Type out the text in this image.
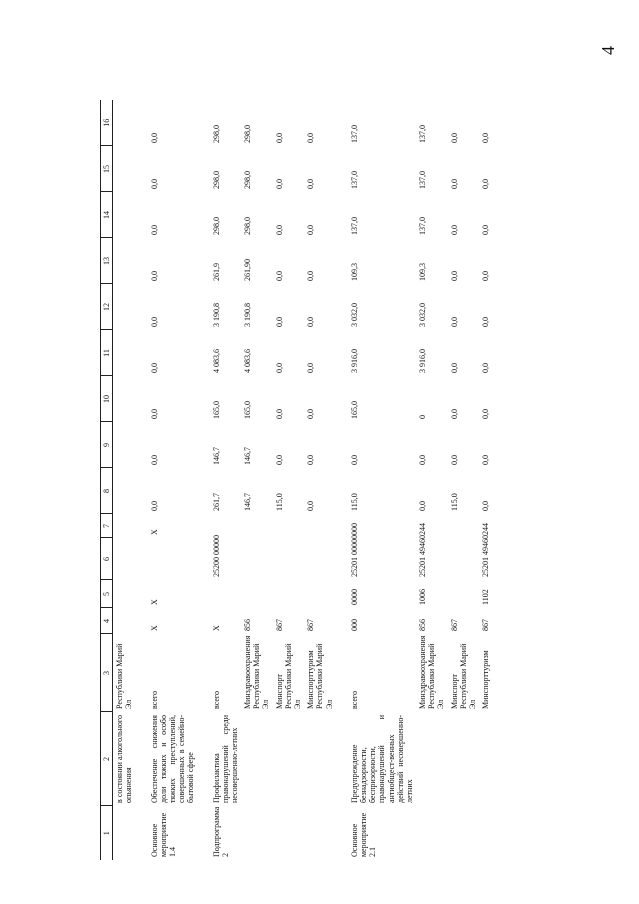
4
1	2	3	4	5	6	7	8	9	10	11	12	13	14	15	16
	в состоянии алкогольного опьянения	Республики Марий Эл													
Основное мероприятие 1.4	Обеспечение снижения доли тяжких и особо тяжких преступлений, совершенных в семейно-бытовой сфере	всего	Х	Х		Х	0,0	0,0	0,0	0,0	0,0	0,0	0,0	0,0	0,0
Подпрограмма 2	Профилактика правонарушений среди несовершенно-летних	всего	Х		25200 00000		261,7	146,7	165,0	4 083,6	3 190,8	261,9	298,0	298,0	298,0
		Минздравоохранения Республики Марий Эл	856				146,7	146,7	165,0	4 083,6	3 190,8	261,90	298,0	298,0	298,0
		Минспорт Республики Марий Эл	867				115,0	0,0	0,0	0,0	0,0	0,0	0,0	0,0	0,0
		Минспорттуризм Республики Марий Эл	867				0,0	0,0	0,0	0,0	0,0	0,0	0,0	0,0	0,0
Основное мероприятие 2.1	Предупреждение безнадзорности, беспризорности, правонарушений и антиобщест-венных действий несовершенно-летних	всего	000	0000	25201 00000	000	115,0	0,0	165,0	3 916,0	3 032,0	109,3	137,0	137,0	137,0
		Минздравоохранения Республики Марий Эл	856	1006	25201 49460	244	0,0	0,0	0	3 916,0	3 032,0	109,3	137,0	137,0	137,0
		Минспорт Республики Марий Эл	867				115,0	0,0	0,0	0,0	0,0	0,0	0,0	0,0	0,0
		Минспорттуризм	867	1102	25201 49460	244	0,0	0,0	0,0	0,0	0,0	0,0	0,0	0,0	0,0
